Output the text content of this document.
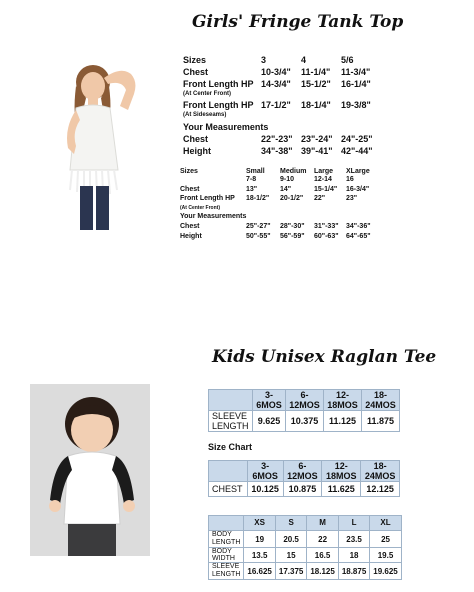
Girls' Fringe Tank Top
Sizes	3	4	5/6
Chest	10-3/4" 11-1/4" 11-3/4"
Front Length HP 14-3/4" 15-1/2" 16-1/4"
(At Center Front)
Front Length HP 17-1/2" 18-1/4" 19-3/8"
(At Sideseams)
Your Measurements
Chest	22"-23" 23"-24" 24"-25"
Height	34"-38" 39"-41" 42"-44"
Sizes	Small Medium Large XLarge
7-8	9-10	12-14 16
Chest	13"	14"	15-1/4" 16-3/4"
Front Length HP 18-1/2" 20-1/2" 22"	23"
(At Center Front)
Your Measurements
Chest	25"-27" 28"-30" 31"-33" 34"-36"
Height	50"-55" 56"-59" 60"-63" 64"-65"
Kids Unisex Raglan Tee
	3-
6MOS	6-
12MOS	12-
18MOS	18-
24MOS
SLEEVE
LENGTH	9.625	10.375	11.125	11.875
Size Chart
	3-
6MOS	6-
12MOS	12-
18MOS	18-
24MOS
CHEST	10.125	10.875	11.625	12.125
	XS	S	M	L	XL
BODY
LENGTH	19	20.5	22	23.5	25
BODY WIDTH	13.5	15	16.5	18	19.5
SLEEVE
LENGTH	16.625	17.375	18.125	18.875	19.625
